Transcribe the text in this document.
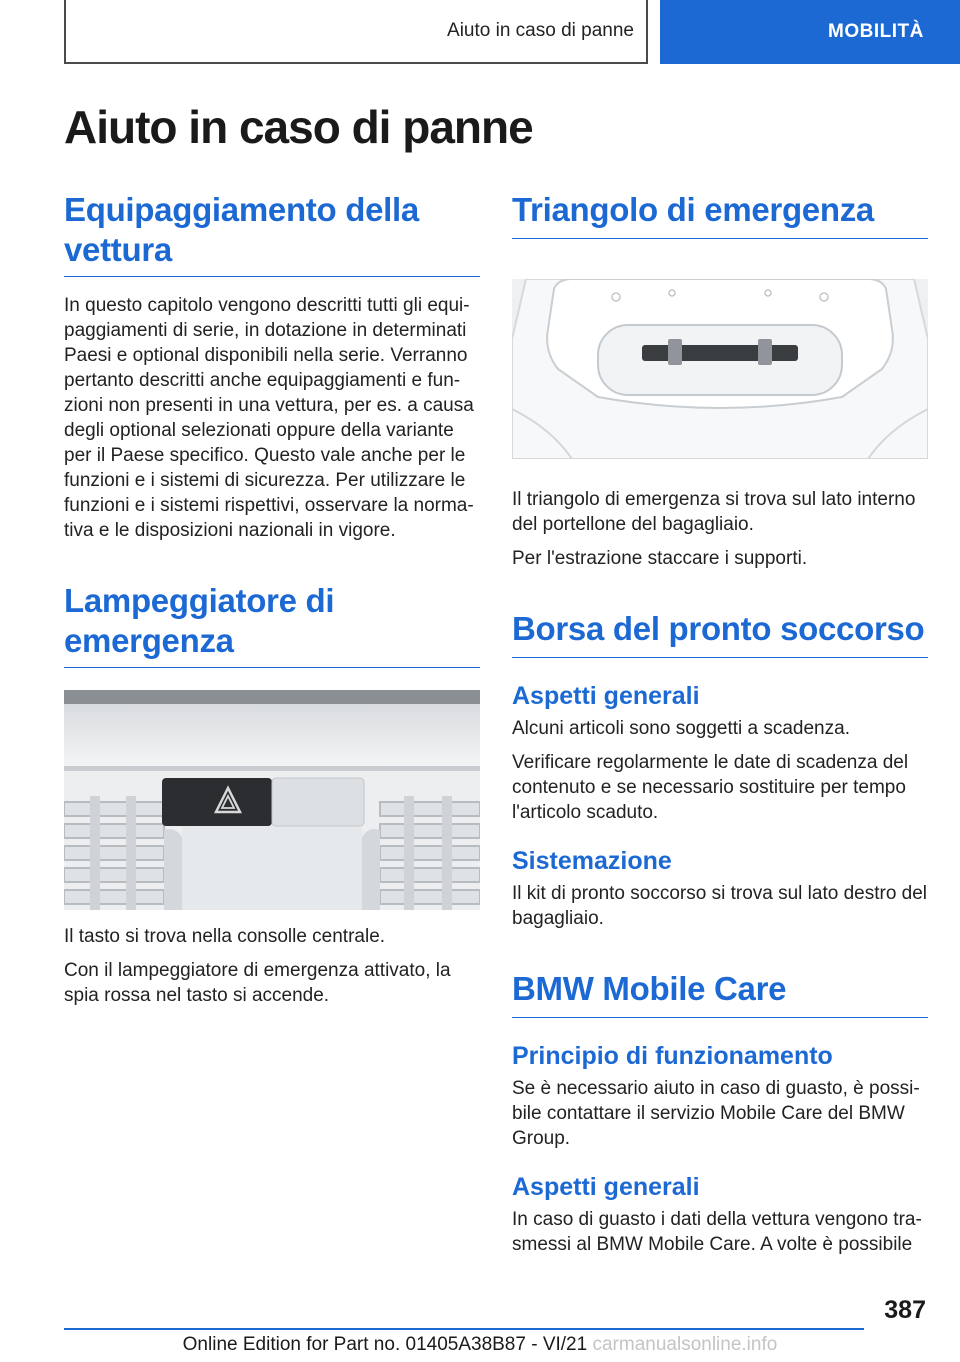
Aiuto in caso di panne	MOBILITÀ
Aiuto in caso di panne
Equipaggiamento della vettura

In questo capitolo vengono descritti tutti gli equi-paggiamenti di serie, in dotazione in determinati Paesi e optional disponibili nella serie. Verranno pertanto descritti anche equipaggiamenti e fun-zioni non presenti in una vettura, per es. a causa degli optional selezionati oppure della variante per il Paese specifico. Questo vale anche per le funzioni e i sistemi di sicurezza. Per utilizzare le funzioni e i sistemi rispettivi, osservare la norma-tiva e le disposizioni nazionali in vigore.

Lampeggiatore di emergenza

Il tasto si trova nella consolle centrale.

Con il lampeggiatore di emergenza attivato, la spia rossa nel tasto si accende.

Triangolo di emergenza

Il triangolo di emergenza si trova sul lato interno del portellone del bagagliaio.

Per l'estrazione staccare i supporti.

Borsa del pronto soccorso
Aspetti generali

Alcuni articoli sono soggetti a scadenza.

Verificare regolarmente le date di scadenza del contenuto e se necessario sostituire per tempo l'articolo scaduto.

Sistemazione

Il kit di pronto soccorso si trova sul lato destro del bagagliaio.

BMW Mobile Care
Principio di funzionamento

Se è necessario aiuto in caso di guasto, è possi-bile contattare il servizio Mobile Care del BMW Group.

Aspetti generali

In caso di guasto i dati della vettura vengono tra-smessi al BMW Mobile Care. A volte è possibile

387
Online Edition for Part no. 01405A38B87 - VI/21 carmanualsonline.info
